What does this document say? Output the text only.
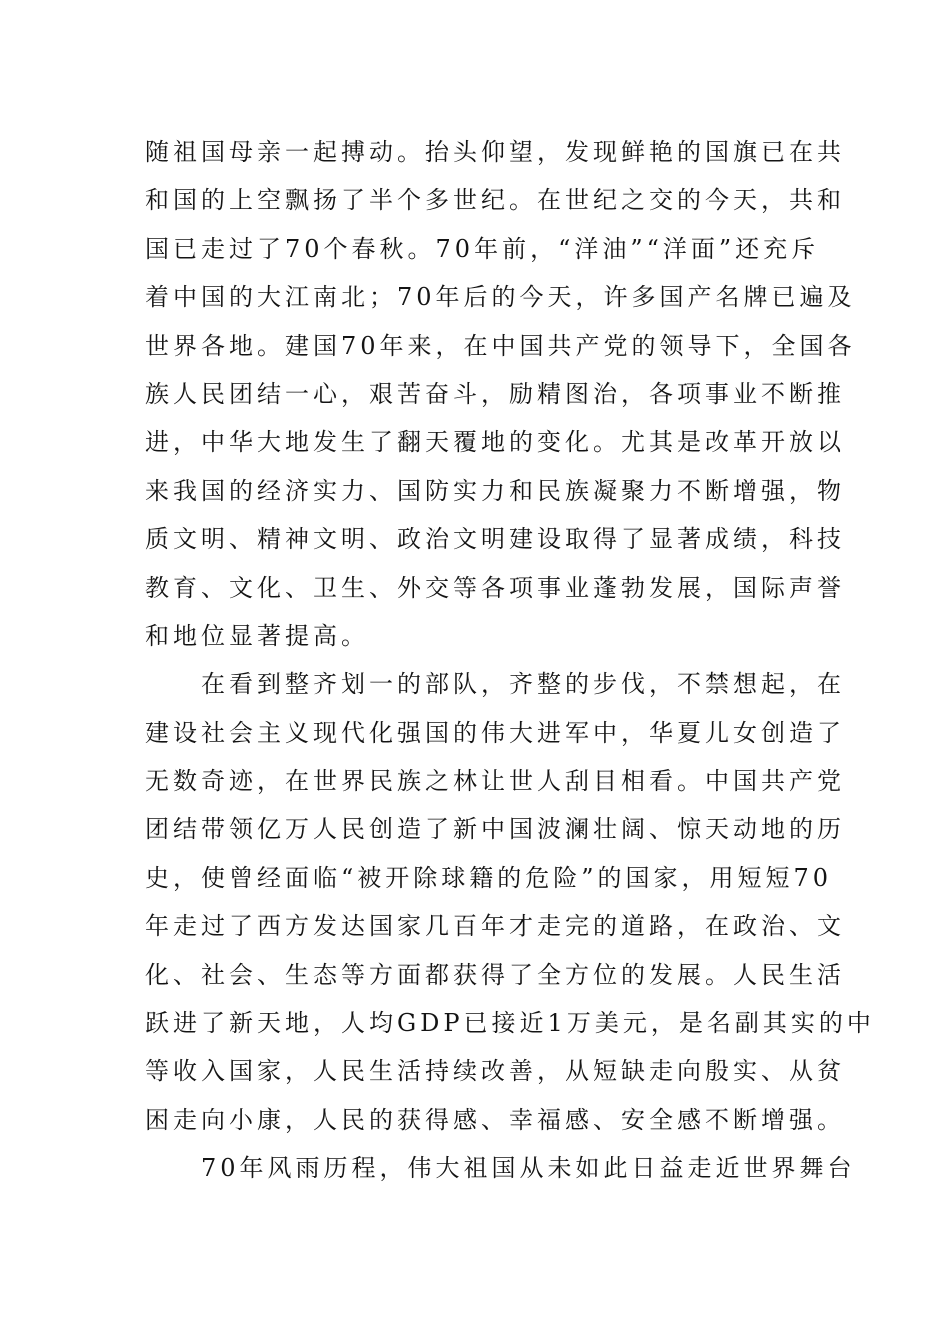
随祖国母亲一起搏动。抬头仰望，发现鲜艳的国旗已在共
和国的上空飘扬了半个多世纪。在世纪之交的今天，共和
国已走过了70个春秋。70年前，“洋油”“洋面”还充斥
着中国的大江南北；70年后的今天，许多国产名牌已遍及
世界各地。建国70年来，在中国共产党的领导下，全国各
族人民团结一心，艰苦奋斗，励精图治，各项事业不断推
进，中华大地发生了翻天覆地的变化。尤其是改革开放以
来我国的经济实力、国防实力和民族凝聚力不断增强，物
质文明、精神文明、政治文明建设取得了显著成绩，科技
教育、文化、卫生、外交等各项事业蓬勃发展，国际声誉
和地位显著提高。
在看到整齐划一的部队，齐整的步伐，不禁想起，在
建设社会主义现代化强国的伟大进军中，华夏儿女创造了
无数奇迹，在世界民族之林让世人刮目相看。中国共产党
团结带领亿万人民创造了新中国波澜壮阔、惊天动地的历
史，使曾经面临“被开除球籍的危险”的国家，用短短70
年走过了西方发达国家几百年才走完的道路，在政治、文
化、社会、生态等方面都获得了全方位的发展。人民生活
跃进了新天地，人均GDP已接近1万美元，是名副其实的中
等收入国家，人民生活持续改善，从短缺走向殷实、从贫
困走向小康，人民的获得感、幸福感、安全感不断增强。
70年风雨历程，伟大祖国从未如此日益走近世界舞台
